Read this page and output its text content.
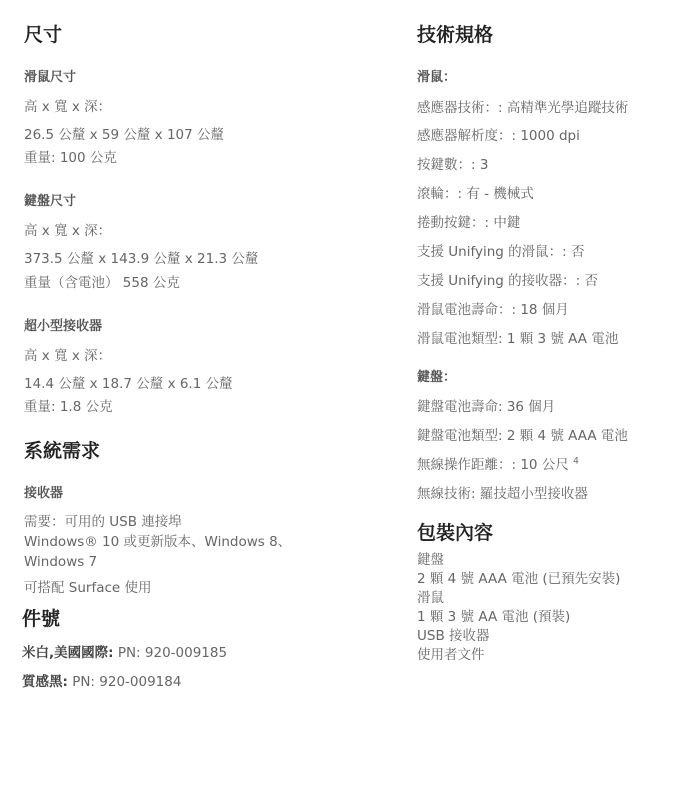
尺寸
滑鼠尺寸
高 x 寬 x 深：
26.5 公釐 x 59 公釐 x 107 公釐
重量: 100 公克
鍵盤尺寸
高 x 寬 x 深：
373.5 公釐 x 143.9 公釐 x 21.3 公釐
重量（含電池） 558 公克
超小型接收器
高 x 寬 x 深：
14.4 公釐 x 18.7 公釐 x 6.1 公釐
重量: 1.8 公克
系統需求
接收器
需要：可用的 USB 連接埠
Windows® 10 或更新版本、Windows 8、Windows 7
可搭配 Surface 使用
件號
米白,美國國際: PN: 920-009185
質感黑: PN: 920-009184
技術規格
滑鼠：
感應器技術：: 高精準光學追蹤技術
感應器解析度：: 1000 dpi
按鍵數：: 3
滾輪：: 有 - 機械式
捲動按鍵：: 中鍵
支援 Unifying 的滑鼠：: 否
支援 Unifying 的接收器：: 否
滑鼠電池壽命：: 18 個月
滑鼠電池類型: 1 顆 3 號 AA 電池
鍵盤：
鍵盤電池壽命: 36 個月
鍵盤電池類型: 2 顆 4 號 AAA 電池
無線操作距離：: 10 公尺 $^4$
無線技術: 羅技超小型接收器
包裝內容
鍵盤
2 顆 4 號 AAA 電池 (已預先安裝)
滑鼠
1 顆 3 號 AA 電池 (預裝)
USB 接收器
使用者文件
